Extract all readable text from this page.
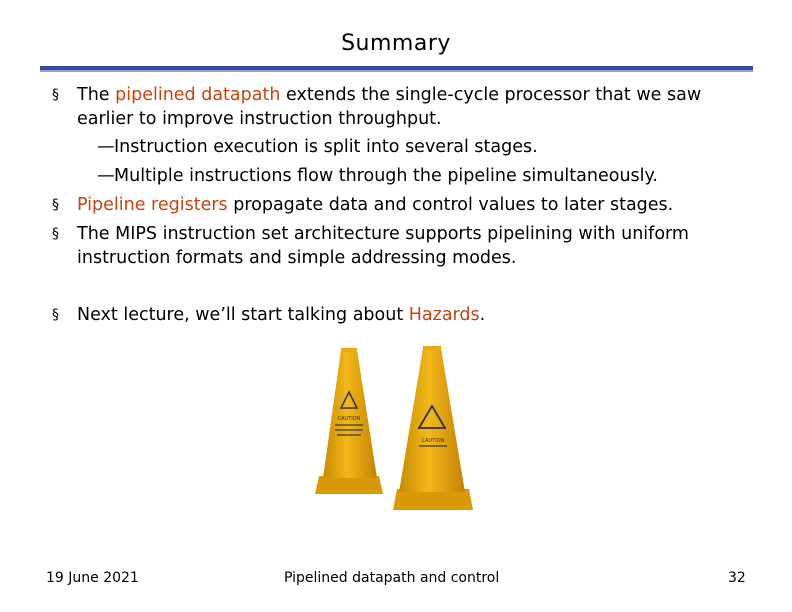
Summary
§ The pipelined datapath extends the single-cycle processor that we saw
earlier to improve instruction throughput.
— Instruction execution is split into several stages.
— Multiple instructions flow through the pipeline simultaneously.
§ Pipeline registers propagate data and control values to later stages.
§ The MIPS instruction set architecture supports pipelining with uniform
instruction formats and simple addressing modes.
§ Next lecture, we’ll start talking about Hazards.
CAUTION
CAUTION
19 June 2021	Pipelined datapath and control	32
